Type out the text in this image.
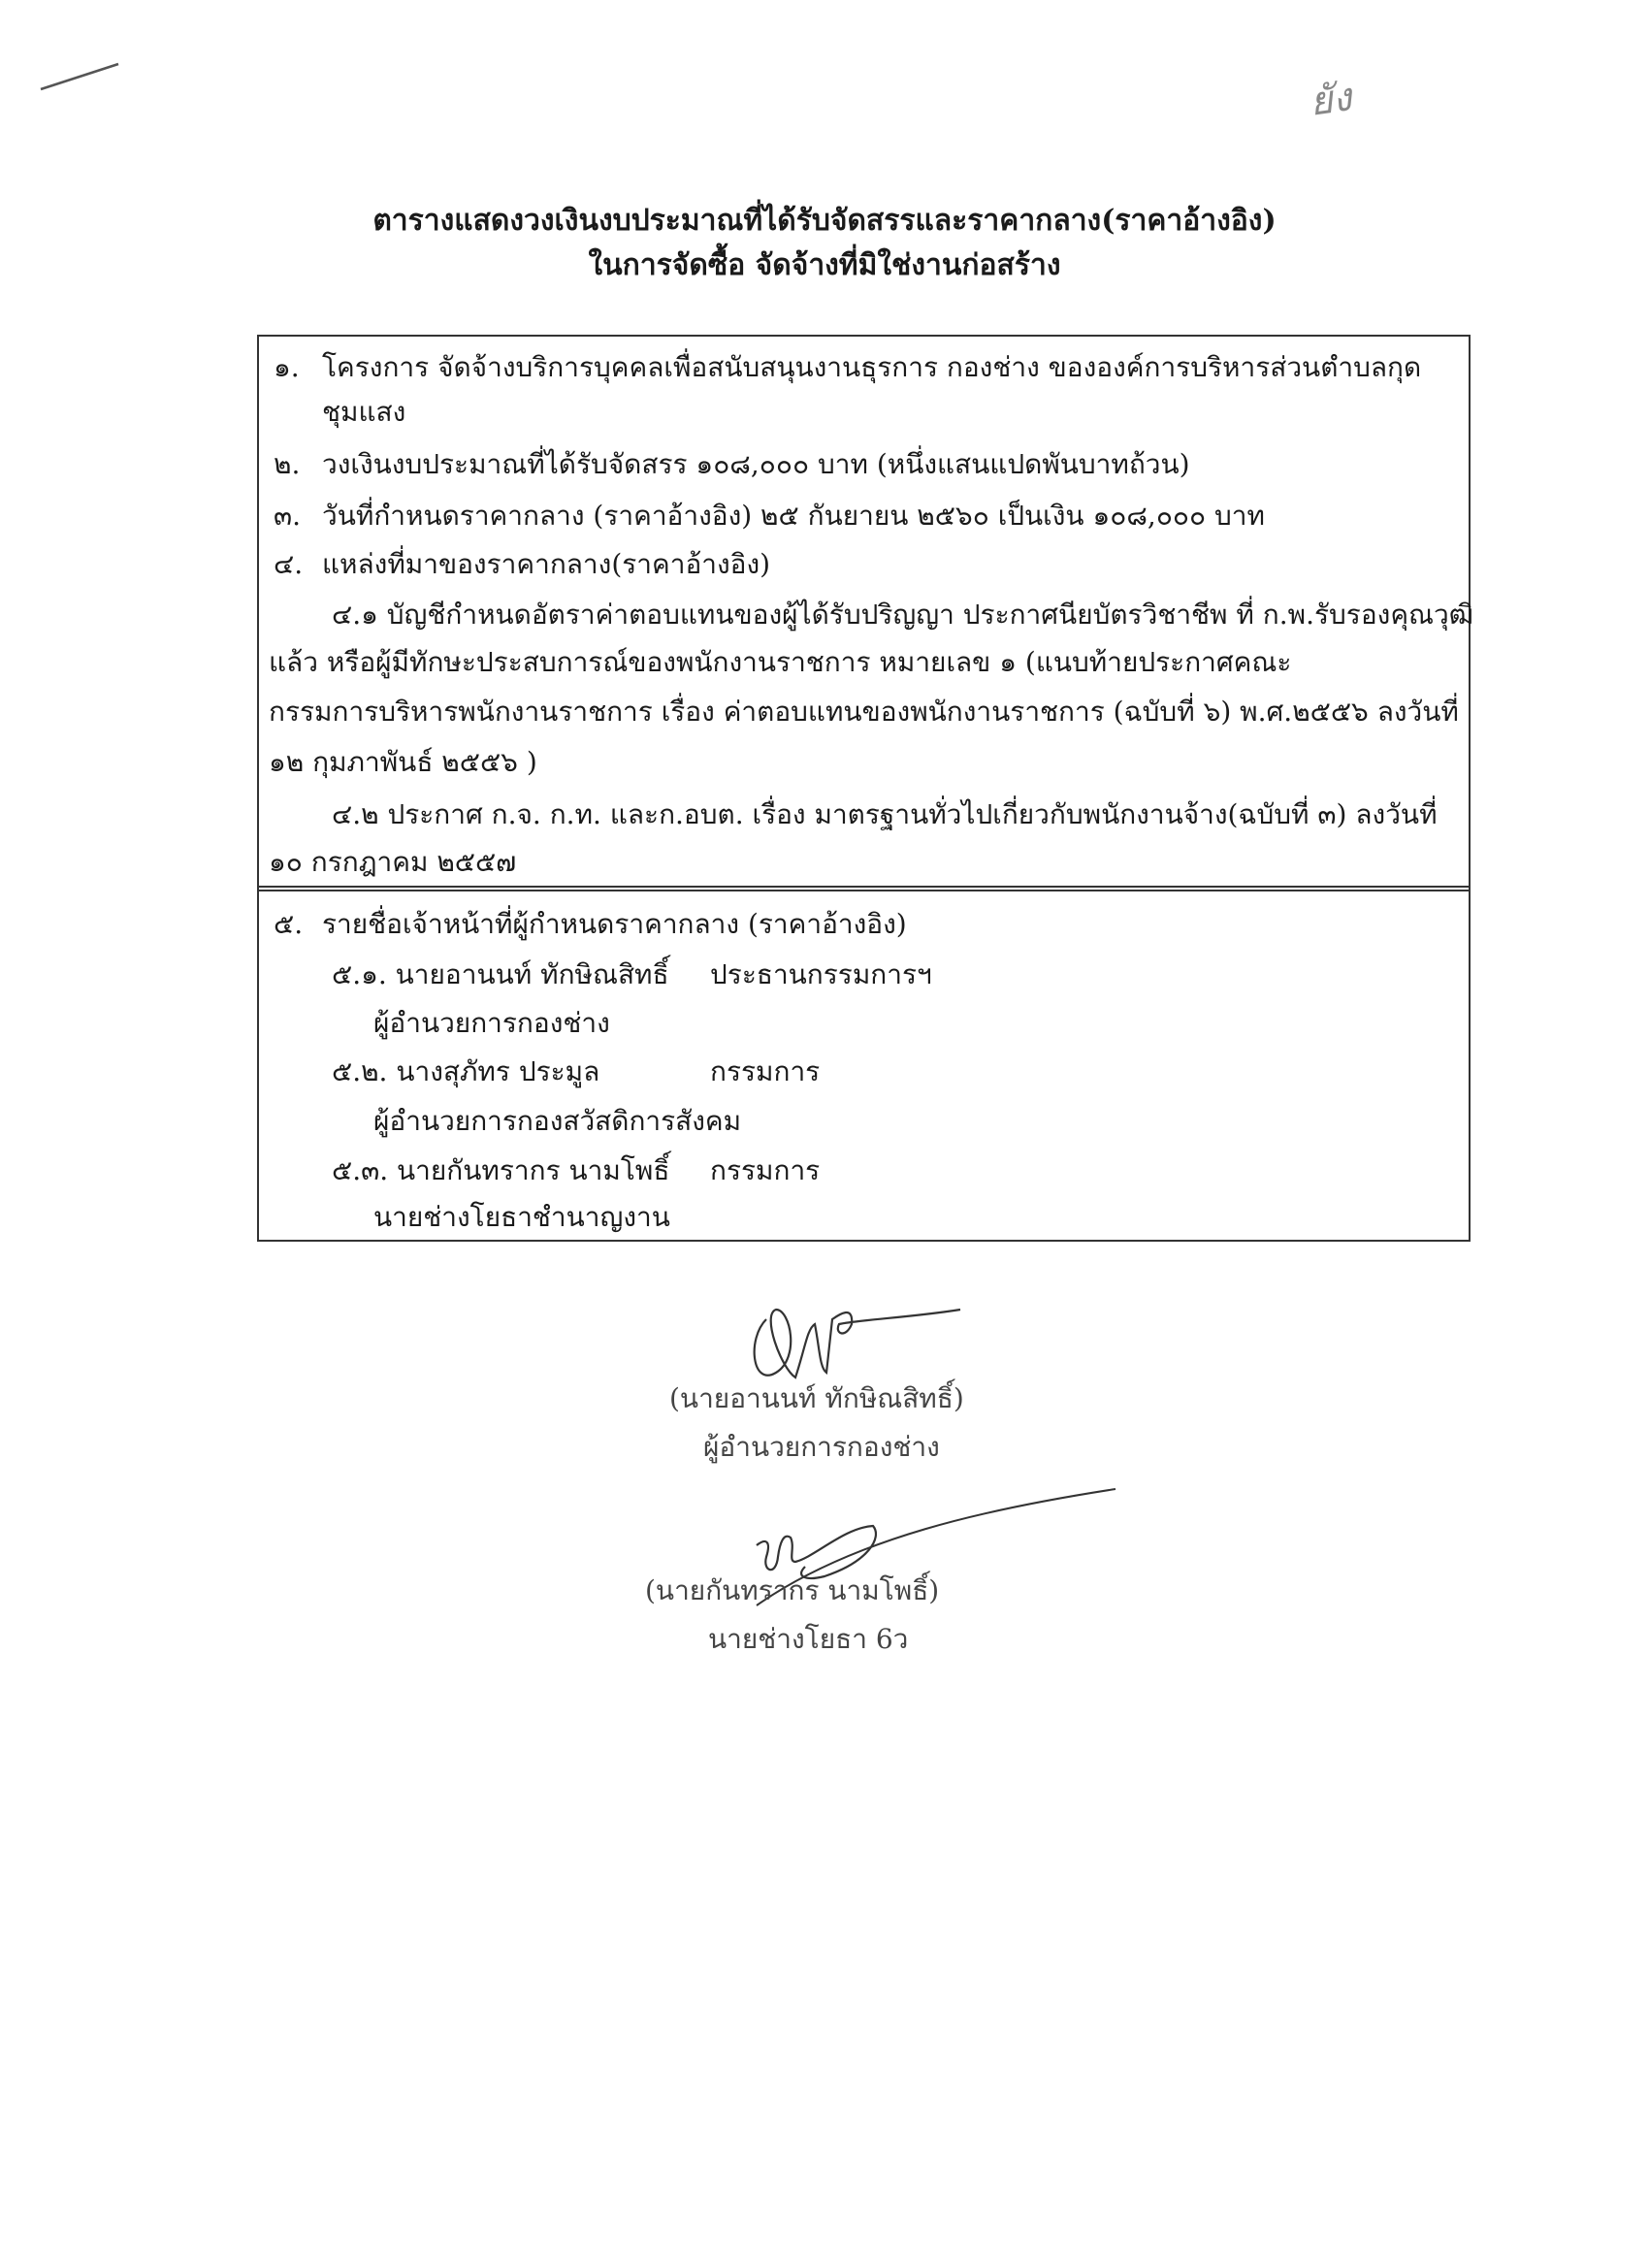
ยัง
ตารางแสดงวงเงินงบประมาณที่ได้รับจัดสรรและราคากลาง(ราคาอ้างอิง)
ในการจัดซื้อ จัดจ้างที่มิใช่งานก่อสร้าง
๑. โครงการ จัดจ้างบริการบุคคลเพื่อสนับสนุนงานธุรการ กองช่าง ขององค์การบริหารส่วนตำบลกุด
ชุมแสง
๒. วงเงินงบประมาณที่ได้รับจัดสรร ๑๐๘,๐๐๐ บาท (หนึ่งแสนแปดพันบาทถ้วน)
๓. วันที่กำหนดราคากลาง (ราคาอ้างอิง) ๒๕ กันยายน ๒๕๖๐ เป็นเงิน ๑๐๘,๐๐๐ บาท
๔. แหล่งที่มาของราคากลาง(ราคาอ้างอิง)
๔.๑ บัญชีกำหนดอัตราค่าตอบแทนของผู้ได้รับปริญญา ประกาศนียบัตรวิชาชีพ ที่ ก.พ.รับรองคุณวุฒิ
แล้ว หรือผู้มีทักษะประสบการณ์ของพนักงานราชการ หมายเลข ๑ (แนบท้ายประกาศคณะ
กรรมการบริหารพนักงานราชการ เรื่อง ค่าตอบแทนของพนักงานราชการ (ฉบับที่ ๖) พ.ศ.๒๕๕๖ ลงวันที่
๑๒ กุมภาพันธ์ ๒๕๕๖ )
๔.๒ ประกาศ ก.จ. ก.ท. และก.อบต. เรื่อง มาตรฐานทั่วไปเกี่ยวกับพนักงานจ้าง(ฉบับที่ ๓) ลงวันที่
๑๐ กรกฎาคม ๒๕๕๗
๕. รายชื่อเจ้าหน้าที่ผู้กำหนดราคากลาง (ราคาอ้างอิง)
๕.๑. นายอานนท์ ทักษิณสิทธิ์ ประธานกรรมการฯ
ผู้อำนวยการกองช่าง
๕.๒. นางสุภัทร ประมูล	กรรมการ
ผู้อำนวยการกองสวัสดิการสังคม
๕.๓. นายกันทรากร นามโพธิ์ กรรมการ
นายช่างโยธาชำนาญงาน
(นายอานนท์ ทักษิณสิทธิ์)
ผู้อำนวยการกองช่าง
(นายกันทรากร นามโพธิ์)
นายช่างโยธา 6ว
